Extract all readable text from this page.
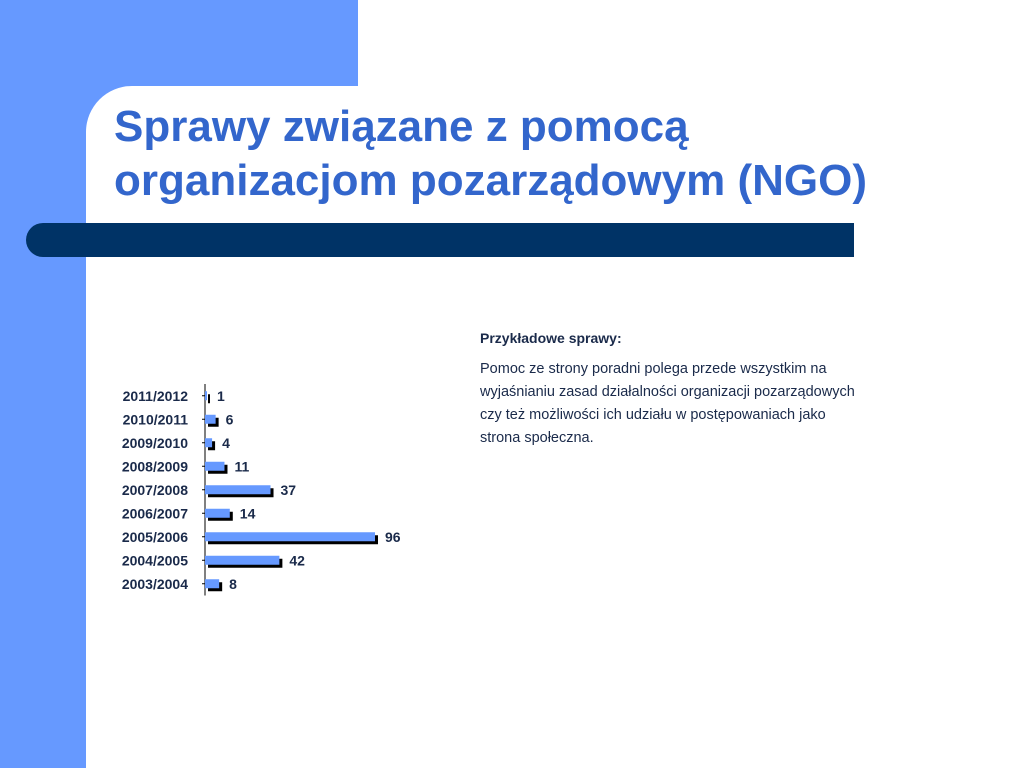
Sprawy związane z pomocą
organizacjom pozarządowym (NGO)
2011/2012 1
2010/2011	6
2009/2010 4
2008/2009	11
2007/2008	37
2006/2007	14
2005/2006	96
2004/2005	42
2003/2004	8

Przykładowe sprawy:

Pomoc ze strony poradni polega przede wszystkim na wyjaśnianiu zasad działalności organizacji pozarządowych czy też możliwości ich udziału w postępowaniach jako strona społeczna.
